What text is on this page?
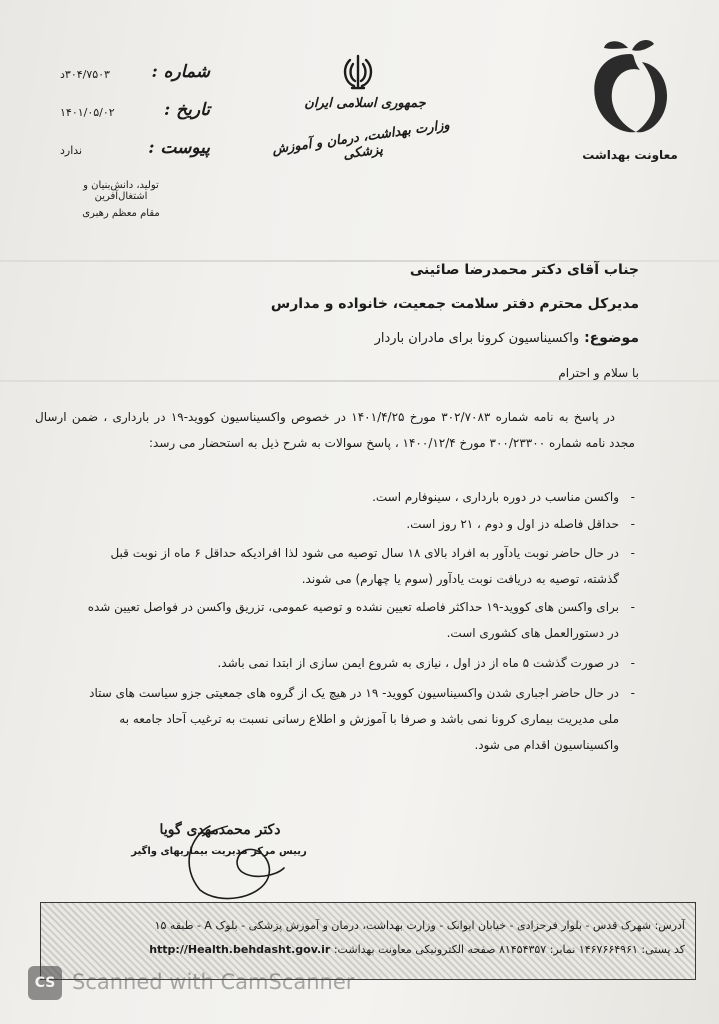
شماره :
۳۰۴/۷۵۰۳د
تاریخ :
۱۴۰۱/۰۵/۰۲
پیوست :
ندارد
تولید، دانش‌بنیان و اشتغال‌آفرین
مقام معظم رهبری
جمهوری اسلامی ایران
وزارت بهداشت، درمان و آموزش پزشکی	معاونت بهداشت
جناب آقای دکتر محمدرضا صائینی
مدیرکل محترم دفتر سلامت جمعیت، خانواده و مدارس
موضوع: واکسیناسیون کرونا برای مادران باردار
با سلام و احترام
در پاسخ به نامه شماره ۳۰۲/۷۰۸۳ مورخ ۱۴۰۱/۴/۲۵ در خصوص واکسیناسیون کووید-۱۹ در بارداری ، ضمن ارسال مجدد نامه شماره ۳۰۰/۲۳۳۰۰ مورخ ۱۴۰۰/۱۲/۴ ، پاسخ سوالات به شرح ذیل به استحضار می رسد:
-
واکسن مناسب در دوره بارداری ، سینوفارم است.
-
حداقل فاصله دز اول و دوم ، ۲۱ روز است.
-
در حال حاضر نوبت یادآور به افراد بالای ۱۸ سال توصیه می شود لذا افرادیکه حداقل ۶ ماه از نوبت قبل گذشته، توصیه به دریافت نوبت یادآور (سوم یا چهارم) می شوند.
-
برای واکسن های کووید-۱۹ حداکثر فاصله تعیین نشده و توصیه عمومی، تزریق واکسن در فواصل تعیین شده در دستورالعمل های کشوری است.
-
در صورت گذشت ۵ ماه از دز اول ، نیازی به شروع ایمن سازی از ابتدا نمی باشد.
-
در حال حاضر اجباری شدن واکسیناسیون کووید- ۱۹ در هیچ یک از گروه های جمعیتی جزو سیاست های ستاد ملی مدیریت بیماری کرونا نمی باشد و صرفا با آموزش و اطلاع رسانی نسبت به ترغیب آحاد جامعه به واکسیناسیون اقدام می شود.
دکتر محمدمهدی گویا
رییس مرکز مدیریت بیماریهای واگیر
آدرس: شهرک قدس - بلوار فرحزادی - خیابان ایوانک - وزارت بهداشت، درمان و آموزش پزشکی - بلوک A - طبقه ۱۵
کد پستی: ۱۴۶۷۶۶۴۹۶۱ نمابر: ۸۱۴۵۴۳۵۷ صفحه الکترونیکی معاونت بهداشت: http://Health.behdasht.gov.ir
CS Scanned with CamScanner
